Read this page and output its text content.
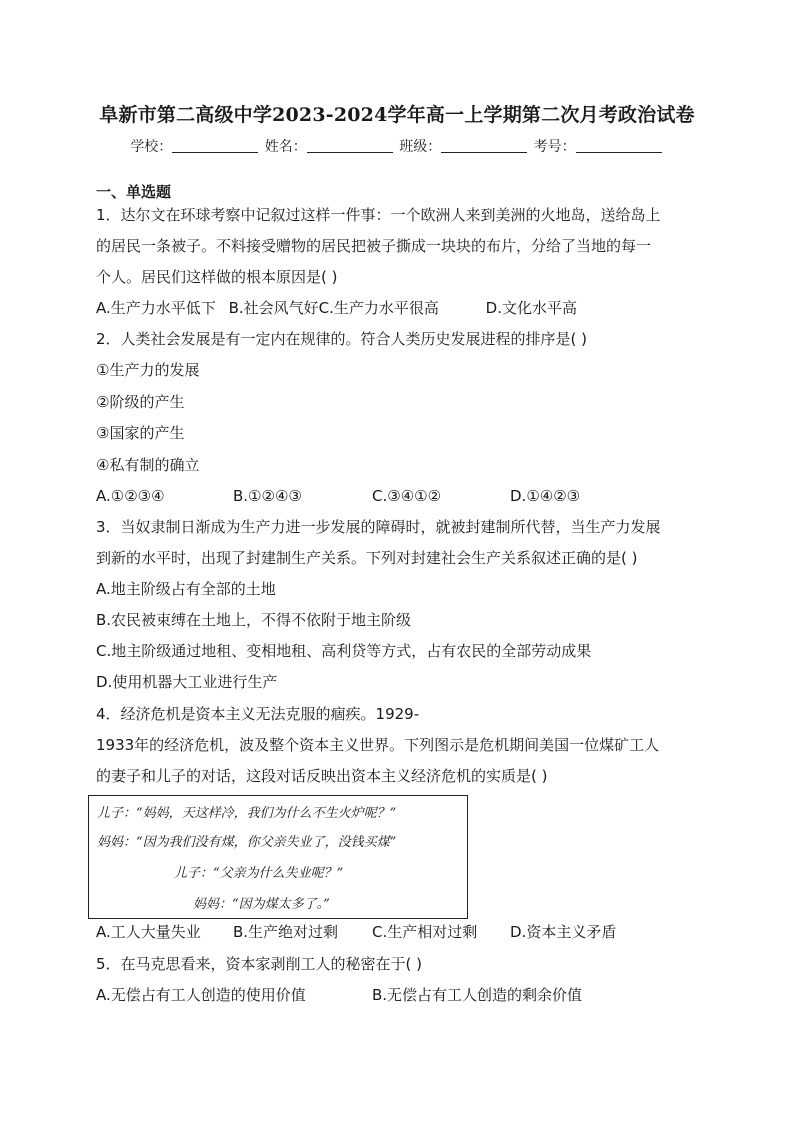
阜新市第二高级中学2023-2024学年高一上学期第二次月考政治试卷
学校：	姓名：	班级：	考号：
一、单选题
1．达尔文在环球考察中记叙过这样一件事：一个欧洲人来到美洲的火地岛，送给岛上
的居民一条被子。不料接受赠物的居民把被子撕成一块块的布片，分给了当地的每一
个人。居民们这样做的根本原因是( )
A.生产力水平低下 B.社会风气好C.生产力水平很高	D.文化水平高
2．人类社会发展是有一定内在规律的。符合人类历史发展进程的排序是( )
①生产力的发展
②阶级的产生
③国家的产生
④私有制的确立
A.①②③④	B.①②④③	C.③④①②	D.①④②③
3．当奴隶制日渐成为生产力进一步发展的障碍时，就被封建制所代替，当生产力发展
到新的水平时，出现了封建制生产关系。下列对封建社会生产关系叙述正确的是( )
A.地主阶级占有全部的土地
B.农民被束缚在土地上，不得不依附于地主阶级
C.地主阶级通过地租、变相地租、高利贷等方式，占有农民的全部劳动成果
D.使用机器大工业进行生产
4．经济危机是资本主义无法克服的痼疾。1929-
1933年的经济危机，波及整个资本主义世界。下列图示是危机期间美国一位煤矿工人
的妻子和儿子的对话，这段对话反映出资本主义经济危机的实质是( )
儿子：“妈妈，天这样冷，我们为什么不生火炉呢？”
妈妈：“因为我们没有煤，你父亲失业了，没钱买煤”
儿子：“父亲为什么失业呢？”
妈妈：“因为煤太多了。”
A.工人大量失业 B.生产绝对过剩 C.生产相对过剩 D.资本主义矛盾
5．在马克思看来，资本家剥削工人的秘密在于( )
A.无偿占有工人创造的使用价值	B.无偿占有工人创造的剩余价值
